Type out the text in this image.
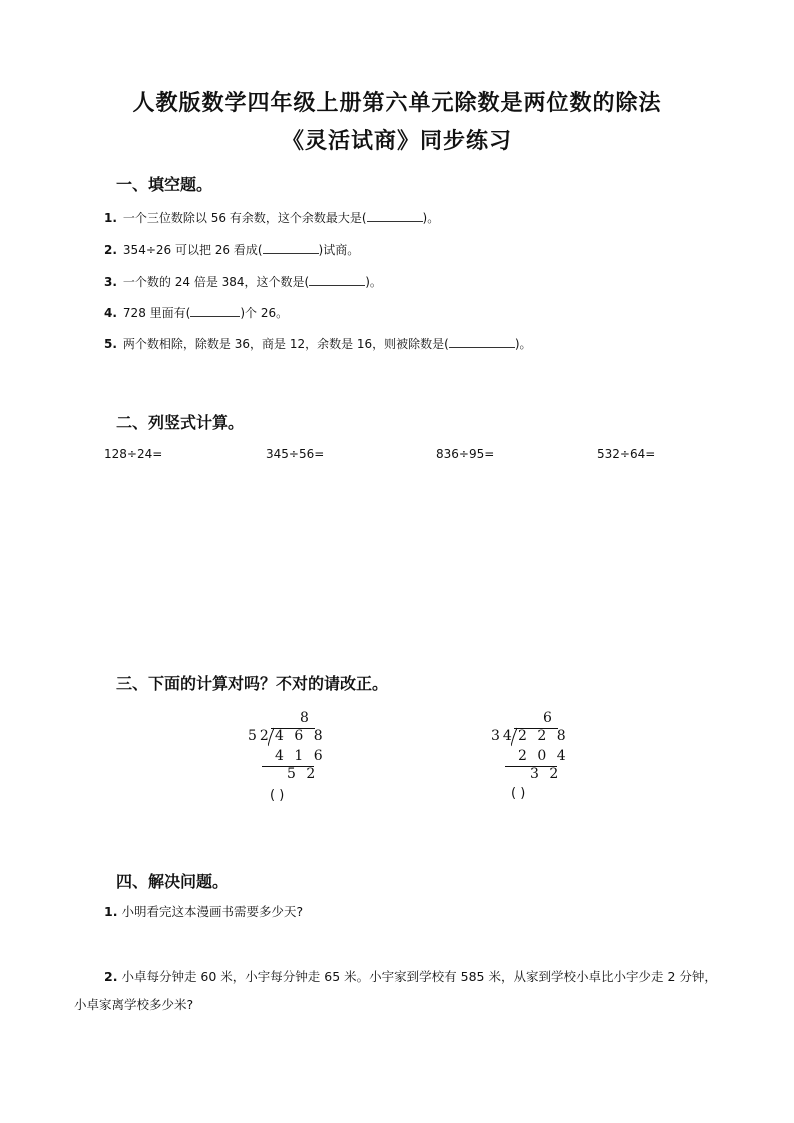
人教版数学四年级上册第六单元除数是两位数的除法
《灵活试商》同步练习
一、填空题。
1. 一个三位数除以 56 有余数，这个余数最大是(	)。
2. 354÷26 可以把 26 看成(	)试商。
3. 一个数的 24 倍是 384，这个数是(	)。
4. 728 里面有(	)个 26。
5. 两个数相除，除数是 36，商是 12，余数是 16，则被除数是(	)。
二、列竖式计算。
128÷24=	345÷56=	836÷95=	532÷64=
三、下面的计算对吗？不对的请改正。
8
52 4 6 8
4 1 6
5 2
( )
6
34 2 2 8
2 0 4
3 2
( )
四、解决问题。
1. 小明看完这本漫画书需要多少天?
2. 小卓每分钟走 60 米，小宇每分钟走 65 米。小宇家到学校有 585 米，从家到学校小卓比小宇少走 2 分钟，小卓家离学校多少米?
